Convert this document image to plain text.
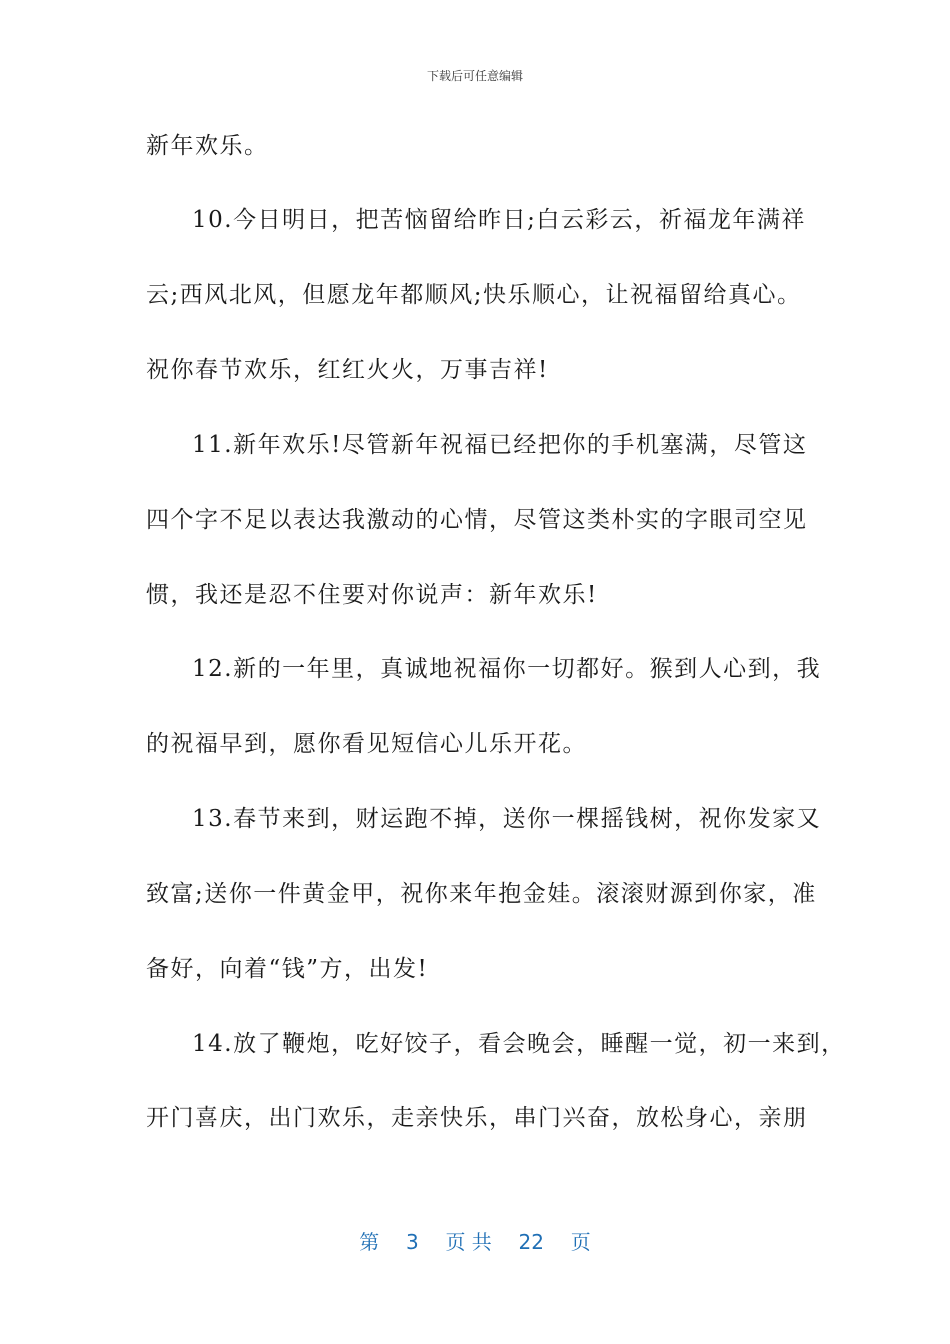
下载后可任意编辑
新年欢乐。
10.今日明日，把苦恼留给昨日;白云彩云，祈福龙年满祥
云;西风北风，但愿龙年都顺风;快乐顺心，让祝福留给真心。
祝你春节欢乐，红红火火，万事吉祥!
11.新年欢乐!尽管新年祝福已经把你的手机塞满，尽管这
四个字不足以表达我激动的心情，尽管这类朴实的字眼司空见
惯，我还是忍不住要对你说声：新年欢乐!
12.新的一年里，真诚地祝福你一切都好。猴到人心到，我
的祝福早到，愿你看见短信心儿乐开花。
13.春节来到，财运跑不掉，送你一棵摇钱树，祝你发家又
致富;送你一件黄金甲，祝你来年抱金娃。滚滚财源到你家，准
备好，向着“钱”方，出发!
14.放了鞭炮，吃好饺子，看会晚会，睡醒一觉，初一来到，
开门喜庆，出门欢乐，走亲快乐，串门兴奋，放松身心，亲朋
第 3 页 共 22 页
